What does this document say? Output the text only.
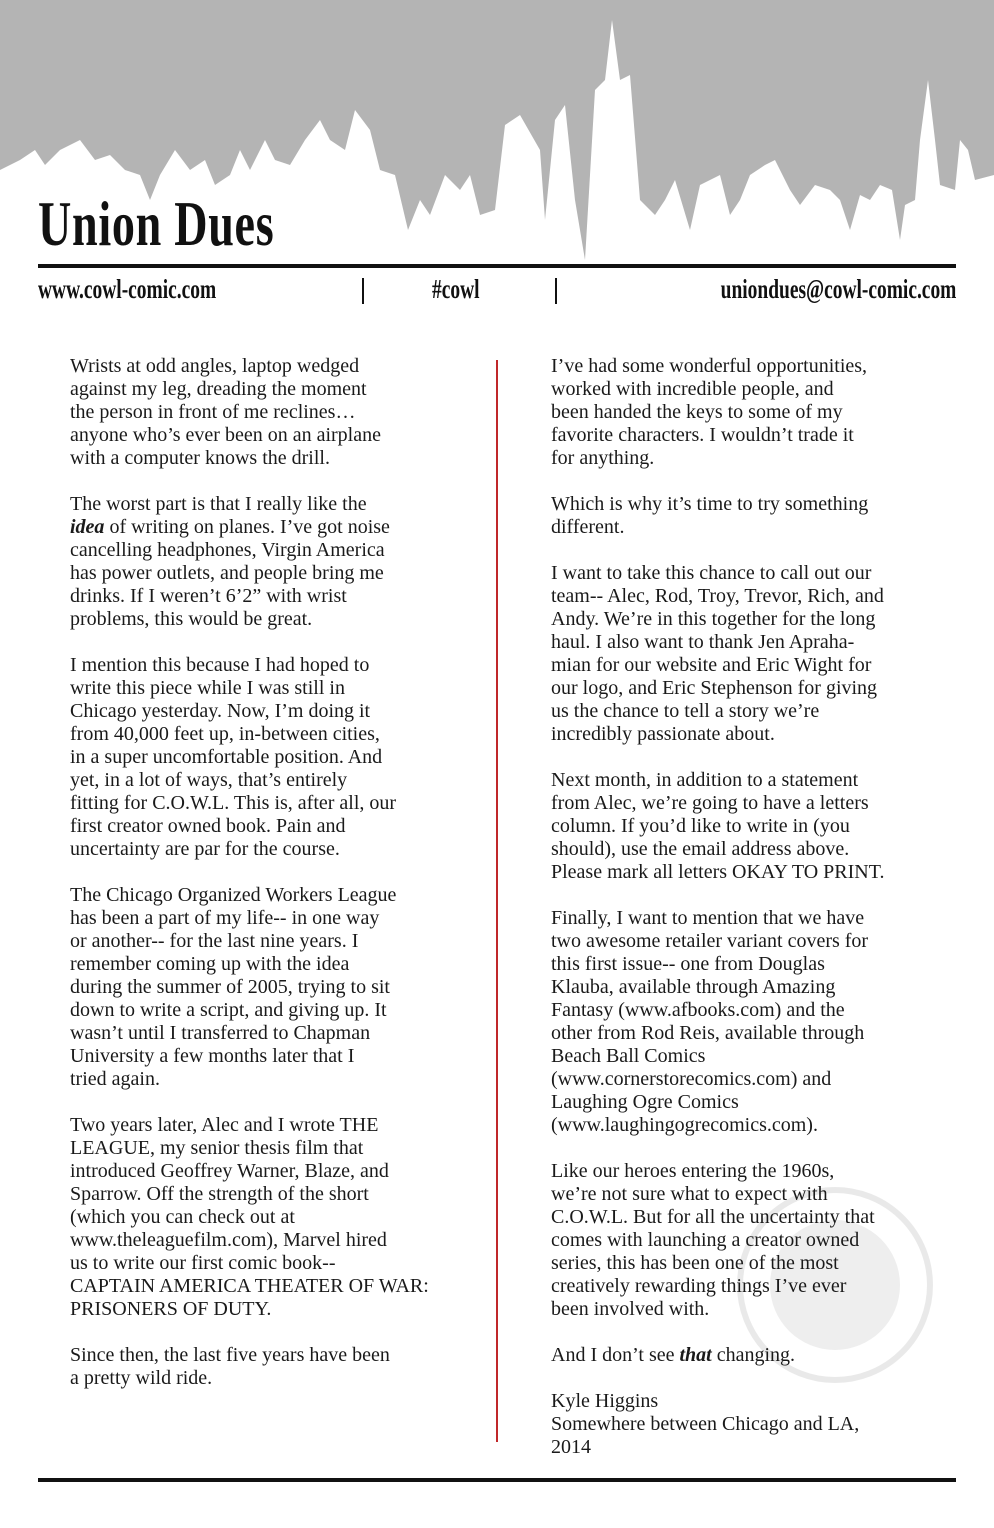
Union Dues
www.cowl-comic.com	#cowl	uniondues@cowl-comic.com
Wrists at odd angles, laptop wedged
against my leg, dreading the moment
the person in front of me reclines…
anyone who’s ever been on an airplane
with a computer knows the drill.
The worst part is that I really like the
idea of writing on planes. I’ve got noise
cancelling headphones, Virgin America
has power outlets, and people bring me
drinks. If I weren’t 6’2” with wrist
problems, this would be great.
I mention this because I had hoped to
write this piece while I was still in
Chicago yesterday. Now, I’m doing it
from 40,000 feet up, in-between cities,
in a super uncomfortable position. And
yet, in a lot of ways, that’s entirely
fitting for C.O.W.L. This is, after all, our
first creator owned book. Pain and
uncertainty are par for the course.
The Chicago Organized Workers League
has been a part of my life-- in one way
or another-- for the last nine years. I
remember coming up with the idea
during the summer of 2005, trying to sit
down to write a script, and giving up. It
wasn’t until I transferred to Chapman
University a few months later that I
tried again.
Two years later, Alec and I wrote THE
LEAGUE, my senior thesis film that
introduced Geoffrey Warner, Blaze, and
Sparrow. Off the strength of the short
(which you can check out at
www.theleaguefilm.com), Marvel hired
us to write our first comic book--
CAPTAIN AMERICA THEATER OF WAR:
PRISONERS OF DUTY.
Since then, the last five years have been
a pretty wild ride.
I’ve had some wonderful opportunities,
worked with incredible people, and
been handed the keys to some of my
favorite characters. I wouldn’t trade it
for anything.
Which is why it’s time to try something
different.
I want to take this chance to call out our
team-- Alec, Rod, Troy, Trevor, Rich, and
Andy. We’re in this together for the long
haul. I also want to thank Jen Apraha-
mian for our website and Eric Wight for
our logo, and Eric Stephenson for giving
us the chance to tell a story we’re
incredibly passionate about.
Next month, in addition to a statement
from Alec, we’re going to have a letters
column. If you’d like to write in (you
should), use the email address above.
Please mark all letters OKAY TO PRINT.
Finally, I want to mention that we have
two awesome retailer variant covers for
this first issue-- one from Douglas
Klauba, available through Amazing
Fantasy (www.afbooks.com) and the
other from Rod Reis, available through
Beach Ball Comics
(www.cornerstorecomics.com) and
Laughing Ogre Comics
(www.laughingogrecomics.com).
Like our heroes entering the 1960s,
we’re not sure what to expect with
C.O.W.L. But for all the uncertainty that
comes with launching a creator owned
series, this has been one of the most
creatively rewarding things I’ve ever
been involved with.
And I don’t see that changing.
Kyle Higgins
Somewhere between Chicago and LA,
2014
